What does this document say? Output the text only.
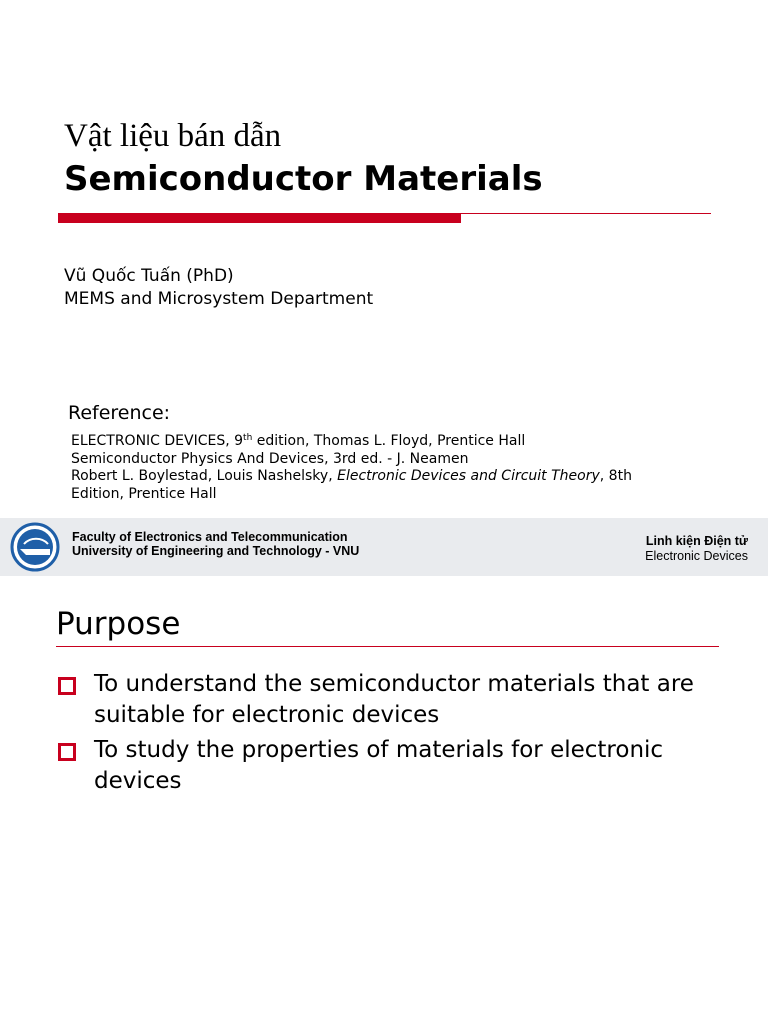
Vật liệu bán dẫn
Semiconductor Materials
Vũ Quốc Tuấn (PhD)
MEMS and Microsystem Department
Reference:
ELECTRONIC DEVICES, 9th edition, Thomas L. Floyd, Prentice Hall
Semiconductor Physics And Devices, 3rd ed. - J. Neamen
Robert L. Boylestad, Louis Nashelsky, Electronic Devices and Circuit Theory, 8th
Edition, Prentice Hall
Faculty of Electronics and Telecommunication
University of Engineering and Technology - VNU
Linh kiện Điện tử
Electronic Devices
Purpose
To understand the semiconductor materials that are suitable for electronic devices
To study the properties of materials for electronic devices
